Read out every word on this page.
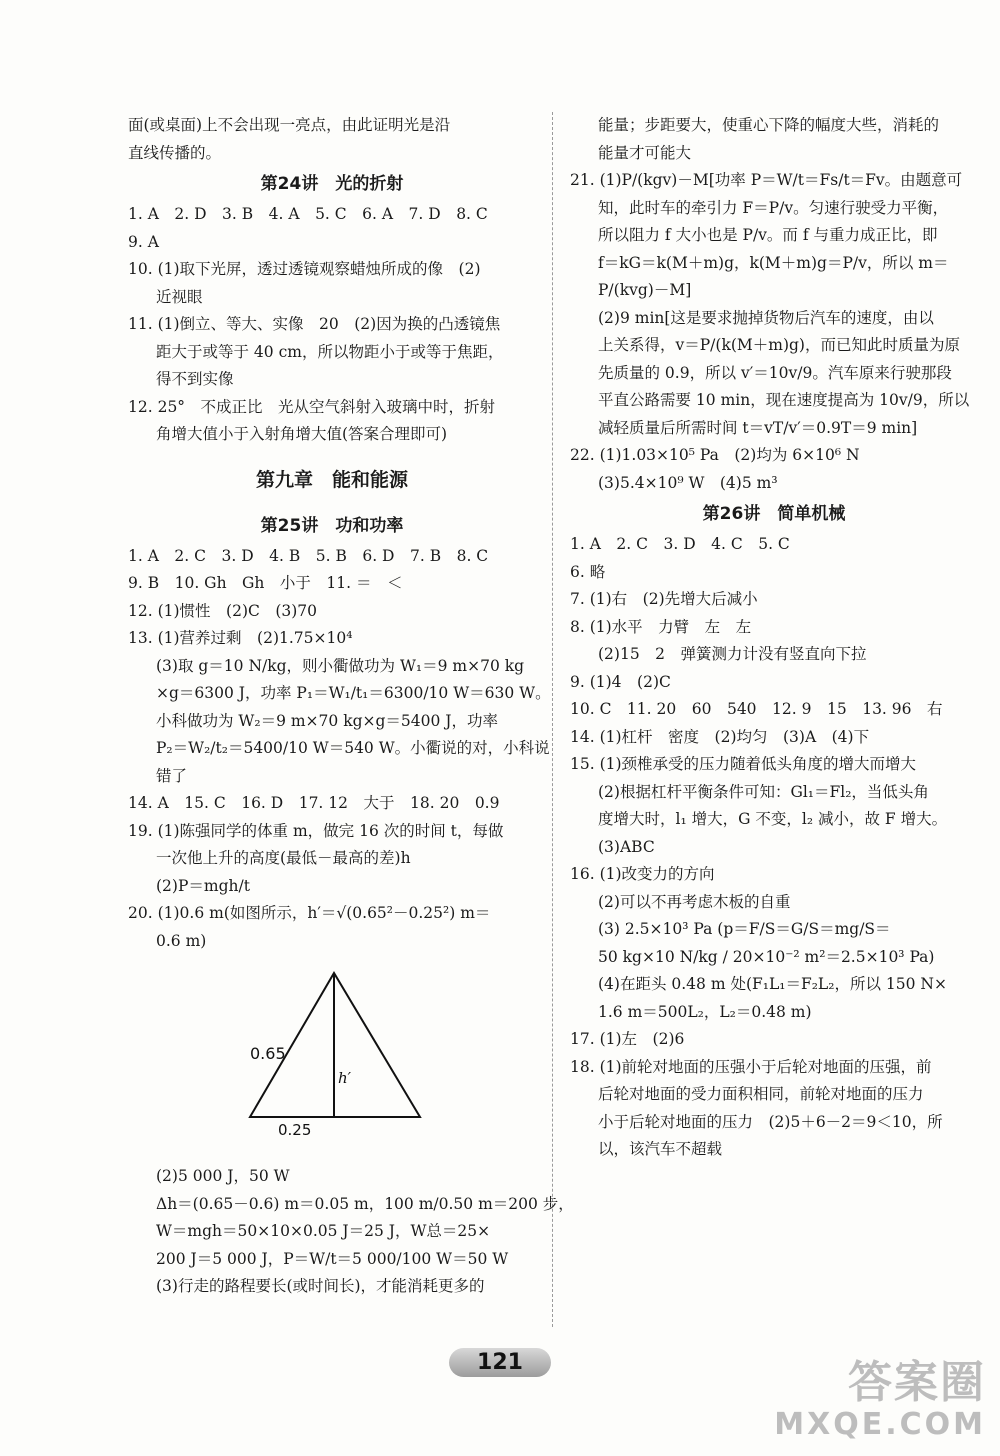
面(或桌面)上不会出现一亮点，由此证明光是沿
直线传播的。
第24讲　光的折射
1. A　2. D　3. B　4. A　5. C　6. A　7. D　8. C
9. A
10. (1)取下光屏，透过透镜观察蜡烛所成的像　(2)
近视眼
11. (1)倒立、等大、实像　20　(2)因为换的凸透镜焦
距大于或等于 40 cm，所以物距小于或等于焦距，
得不到实像
12. 25°　不成正比　光从空气斜射入玻璃中时，折射
角增大值小于入射角增大值(答案合理即可)
第九章　能和能源
第25讲　功和功率
1. A　2. C　3. D　4. B　5. B　6. D　7. B　8. C
9. B　10. Gh　Gh　小于　11. ＝　＜
12. (1)惯性　(2)C　(3)70
13. (1)营养过剩　(2)1.75×10⁴
(3)取 g＝10 N/kg，则小衢做功为 W₁＝9 m×70 kg
×g＝6300 J，功率 P₁＝W₁/t₁＝6300/10 W＝630 W。
小科做功为 W₂＝9 m×70 kg×g＝5400 J，功率
P₂＝W₂/t₂＝5400/10 W＝540 W。小衢说的对，小科说
错了
14. A　15. C　16. D　17. 12　大于　18. 20　0.9
19. (1)陈强同学的体重 m，做完 16 次的时间 t，每做
一次他上升的高度(最低－最高的差)h
(2)P＝mgh/t
20. (1)0.6 m(如图所示，h′＝√(0.65²－0.25²) m＝
0.6 m)
0.65
h′
0.25
(2)5 000 J，50 W
Δh＝(0.65－0.6) m＝0.05 m，100 m/0.50 m＝200 步，
W＝mgh＝50×10×0.05 J＝25 J，W总＝25×
200 J＝5 000 J，P＝W/t＝5 000/100 W＝50 W
(3)行走的路程要长(或时间长)，才能消耗更多的
能量；步距要大，使重心下降的幅度大些，消耗的
能量才可能大
21. (1)P/(kgv)－M[功率 P＝W/t＝Fs/t＝Fv。由题意可
知，此时车的牵引力 F＝P/v。匀速行驶受力平衡，
所以阻力 f 大小也是 P/v。而 f 与重力成正比，即
f＝kG＝k(M＋m)g，k(M＋m)g＝P/v，所以 m＝
P/(kvg)－M]
(2)9 min[这是要求抛掉货物后汽车的速度，由以
上关系得，v＝P/(k(M＋m)g)，而已知此时质量为原
先质量的 0.9，所以 v′＝10v/9。汽车原来行驶那段
平直公路需要 10 min，现在速度提高为 10v/9，所以
减轻质量后所需时间 t＝vT/v′＝0.9T＝9 min]
22. (1)1.03×10⁵ Pa　(2)均为 6×10⁶ N
(3)5.4×10⁹ W　(4)5 m³
第26讲　简单机械
1. A　2. C　3. D　4. C　5. C
6. 略
7. (1)右　(2)先增大后减小
8. (1)水平　力臂　左　左
(2)15　2　弹簧测力计没有竖直向下拉
9. (1)4　(2)C
10. C　11. 20　60　540　12. 9　15　13. 96　右
14. (1)杠杆　密度　(2)均匀　(3)A　(4)下
15. (1)颈椎承受的压力随着低头角度的增大而增大
(2)根据杠杆平衡条件可知：Gl₁＝Fl₂，当低头角
度增大时，l₁ 增大，G 不变，l₂ 减小，故 F 增大。
(3)ABC
16. (1)改变力的方向
(2)可以不再考虑木板的自重
(3) 2.5×10³ Pa (p＝F/S＝G/S＝mg/S＝
50 kg×10 N/kg / 20×10⁻² m²＝2.5×10³ Pa)
(4)在距头 0.48 m 处(F₁L₁＝F₂L₂，所以 150 N×
1.6 m＝500L₂，L₂＝0.48 m)
17. (1)左　(2)6
18. (1)前轮对地面的压强小于后轮对地面的压强，前
后轮对地面的受力面积相同，前轮对地面的压力
小于后轮对地面的压力　(2)5＋6－2＝9＜10，所
以，该汽车不超载
121	答案圈
MXQE.COM
